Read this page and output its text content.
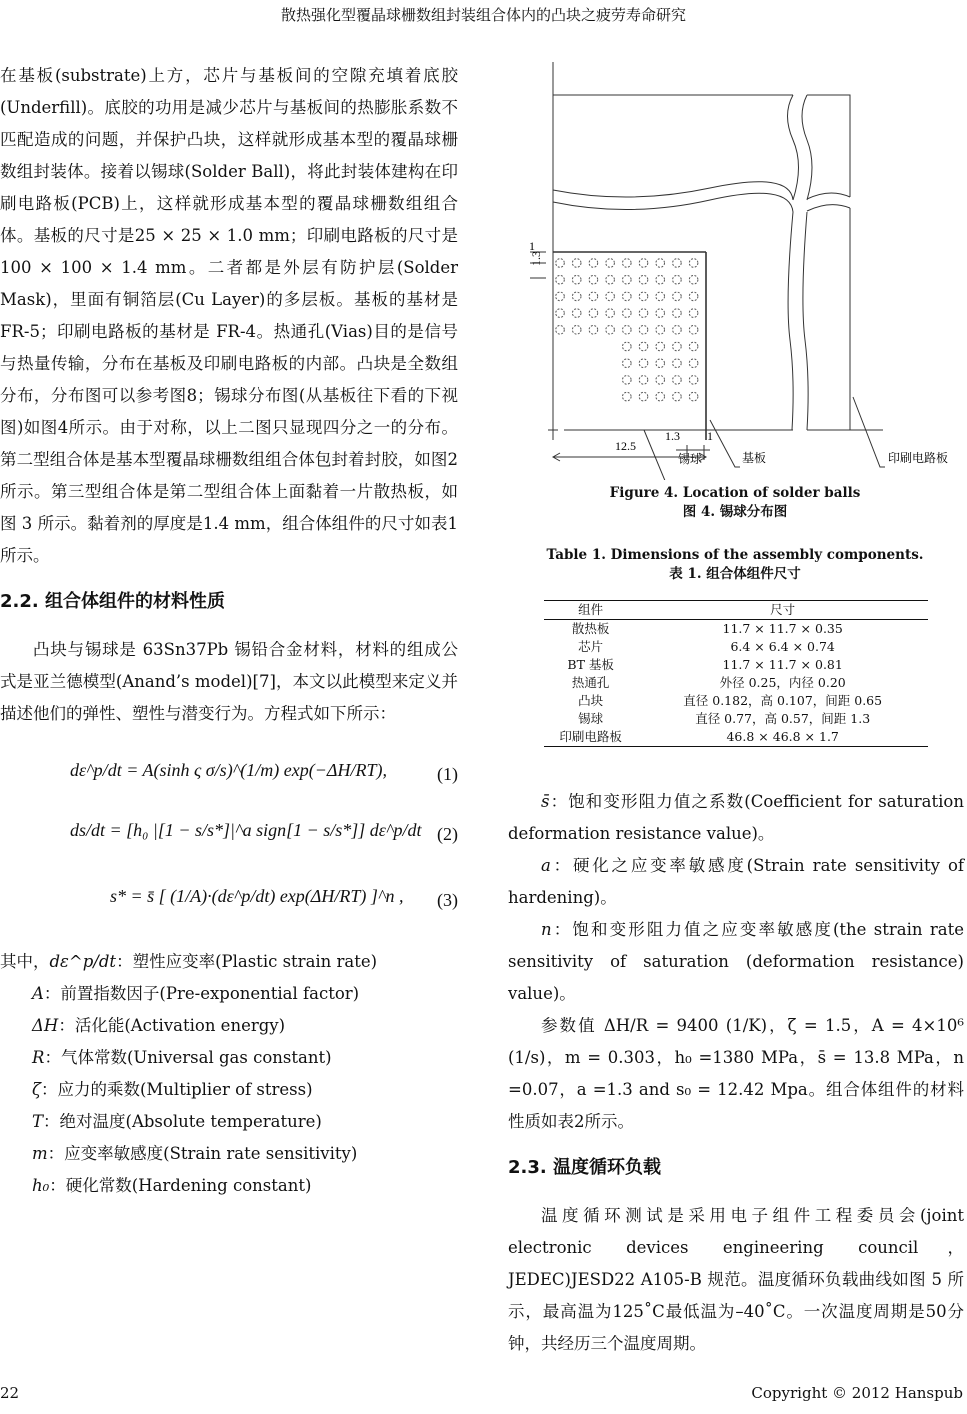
散热强化型覆晶球栅数组封装组合体内的凸块之疲劳寿命研究

在基板(substrate)上方，芯片与基板间的空隙充填着底胶(Underfill)。底胶的功用是减少芯片与基板间的热膨胀系数不匹配造成的问题，并保护凸块，这样就形成基本型的覆晶球栅数组封装体。接着以锡球(Solder Ball)，将此封装体建构在印刷电路板(PCB)上，这样就形成基本型的覆晶球栅数组组合体。基板的尺寸是25 × 25 × 1.0 mm；印刷电路板的尺寸是100 × 100 × 1.4 mm。二者都是外层有防护层(Solder Mask)，里面有铜箔层(Cu Layer)的多层板。基板的基材是FR-5；印刷电路板的基材是 FR-4。热通孔(Vias)目的是信号与热量传输，分布在基板及印刷电路板的内部。凸块是全数组分布，分布图可以参考图8；锡球分布图(从基板往下看的下视图)如图4所示。由于对称，以上二图只显现四分之一的分布。第二型组合体是基本型覆晶球栅数组组合体包封着封胶，如图2所示。第三型组合体是第二型组合体上面黏着一片散热板，如图 3 所示。黏着剂的厚度是1.4 mm，组合体组件的尺寸如表1所示。

2.2. 组合体组件的材料性质

凸块与锡球是 63Sn37Pb 锡铅合金材料，材料的组成公式是亚兰德模型(Anand’s model)[7]，本文以此模型来定义并描述他们的弹性、塑性与潜变行为。方程式如下所示：

dε^p/dt = A(sinh ς σ/s)^(1/m) exp(−ΔH/RT),	(1)
ds/dt = [h₀ |[1 − s/s*]|^a sign[1 − s/s*]] dε^p/dt (2)
s* = s̄ [ (1/A)·(dε^p/dt) exp(ΔH/RT) ]^n , (3)
其中，dε^p/dt：塑性应变率(Plastic strain rate)
A：前置指数因子(Pre-exponential factor)
ΔH：活化能(Activation energy)
R：气体常数(Universal gas constant)
ζ：应力的乘数(Multiplier of stress)
T：绝对温度(Absolute temperature)
m：应变率敏感度(Strain rate sensitivity)
h₀：硬化常数(Hardening constant)
1.3
1
1.3 1
12.5
基板	印刷电路板
锡球
Figure 4. Location of solder balls
图 4. 锡球分布图
Table 1. Dimensions of the assembly components.
表 1. 组合体组件尺寸
组件	尺寸
散热板	11.7 × 11.7 × 0.35
芯片	6.4 × 6.4 × 0.74
BT 基板	11.7 × 11.7 × 0.81
热通孔	外径 0.25，内径 0.20
凸块	直径 0.182，高 0.107，间距 0.65
锡球	直径 0.77，高 0.57，间距 1.3
印刷电路板	46.8 × 46.8 × 1.7

s̄：饱和变形阻力值之系数(Coefficient for saturation deformation resistance value)。

a：硬化之应变率敏感度(Strain rate sensitivity of hardening)。

n：饱和变形阻力值之应变率敏感度(the strain rate sensitivity of saturation (deformation resistance) value)。

参数值 ΔH/R = 9400 (1/K)，ζ = 1.5，A = 4×10⁶ (1/s)，m = 0.303，h₀ =1380 MPa，s̄ = 13.8 MPa，n =0.07，a =1.3 and s₀ = 12.42 Mpa。组合体组件的材料性质如表2所示。

2.3. 温度循环负载

温度循环测试是采用电子组件工程委员会(joint electronic devices engineering council，JEDEC)JESD22 A105-B 规范。温度循环负载曲线如图 5 所示，最高温为125˚C最低温为–40˚C。一次温度周期是50分钟，共经历三个温度周期。

22	Copyright © 2012 Hanspub
